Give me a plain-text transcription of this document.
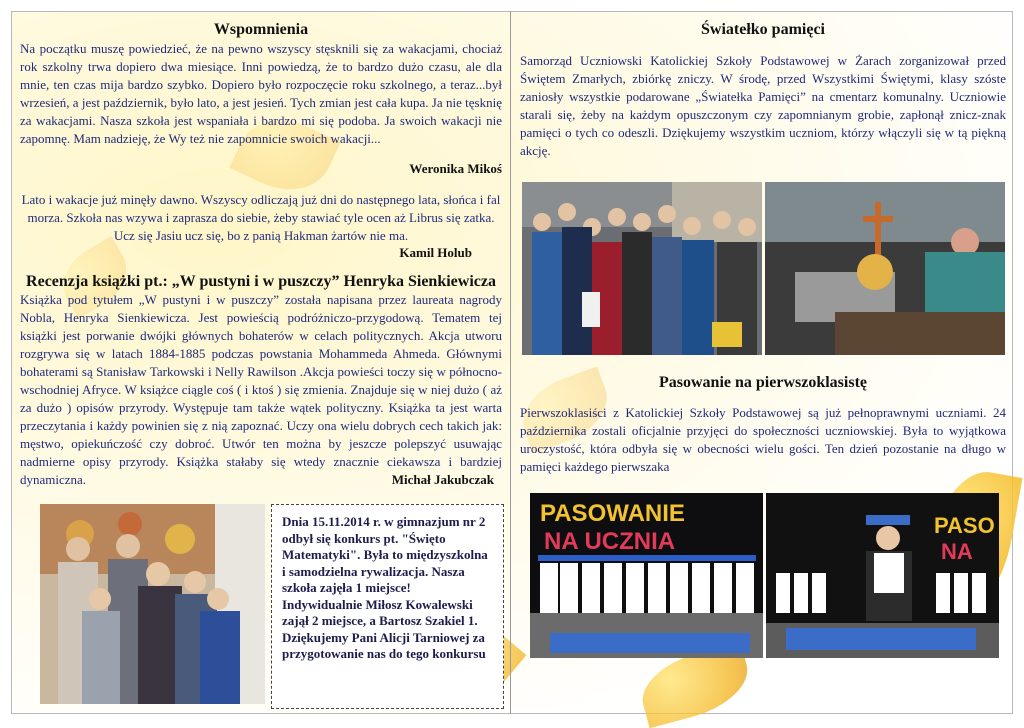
Wspomnienia

Na początku muszę powiedzieć, że na pewno wszyscy stęsknili się za wakacjami, chociaż rok szkolny trwa dopiero dwa miesiące. Inni powiedzą, że to bardzo dużo czasu, ale dla mnie, ten czas mija bardzo szybko. Dopiero było rozpoczęcie roku szkolnego, a teraz...był wrzesień, a jest październik, było lato, a jest jesień. Tych zmian jest cała kupa. Ja nie tęsknię za wakacjami. Nasza szkoła jest wspaniała i bardzo mi się podoba. Ja swoich wakacji nie zapomnę. Mam nadzieję, że Wy też nie zapomnicie swoich wakacji...

Weronika Mikoś

Lato i wakacje już minęły dawno. Wszyscy odliczają już dni do następnego lata, słońca i fal morza. Szkoła nas wzywa i zaprasza do siebie, żeby stawiać tyle ocen aż Librus się zatka. Ucz się Jasiu ucz się, bo z panią Hakman żartów nie ma.

Kamil Holub
Recenzja książki pt.: „W pustyni i w puszczy” Henryka Sienkiewicza

Książka pod tytułem „W pustyni i w puszczy” została napisana przez laureata nagrody Nobla, Henryka Sienkiewicza. Jest powieścią podróżniczo-przygodową. Tematem tej książki jest porwanie dwójki głównych bohaterów w celach politycznych. Akcja utworu rozgrywa się w latach 1884-1885 podczas powstania Mohammeda Ahmeda. Głównymi bohaterami są Stanisław Tarkowski i Nelly Rawilson .Akcja powieści toczy się w północno-wschodniej Afryce. W książce ciągle coś ( i ktoś ) się zmienia. Znajduje się w niej dużo ( aż za dużo ) opisów przyrody. Występuje tam także wątek polityczny. Książka ta jest warta przeczytania i każdy powinien się z nią zapoznać. Uczy ona wielu dobrych cech takich jak: męstwo, opiekuńczość czy dobroć. Utwór ten można by jeszcze polepszyć usuwając nadmierne opisy przyrody. Książka stałaby się wtedy znacznie ciekawsza i bardziej dynamiczna.	Michał Jakubczak

Dnia 15.11.2014 r. w gimnazjum nr 2 odbył się konkurs pt. "Święto Matematyki". Była to międzyszkolna i samodzielna rywalizacja. Nasza szkoła zajęła 1 miejsce! Indywidualnie Miłosz Kowalewski zajął 2 miejsce, a Bartosz Szakiel 1. Dziękujemy Pani Alicji Tarniowej za przygotowanie nas do tego konkursu

Światełko pamięci

Samorząd Uczniowski Katolickiej Szkoły Podstawowej w Żarach zorganizował przed Świętem Zmarłych, zbiórkę zniczy. W środę, przed Wszystkimi Świętymi, klasy szóste zaniosły wszystkie podarowane „Światełka Pamięci” na cmentarz komunalny. Uczniowie starali się, żeby na każdym opuszczonym czy zapomnianym grobie, zapłonął znicz-znak pamięci o tych co odeszli. Dziękujemy wszystkim uczniom, którzy włączyli się w tą piękną akcję.

Pasowanie na pierwszoklasistę

Pierwszoklasiści z Katolickiej Szkoły Podstawowej są już pełnoprawnymi uczniami. 24 października zostali oficjalnie przyjęci do społeczności uczniowskiej. Była to wyjątkowa uroczystość, która odbyła się w obecności wielu gości. Ten dzień pozostanie na długo w pamięci każdego pierwszaka

PASOWANIE
NA UCZNIA
PASO
NA
